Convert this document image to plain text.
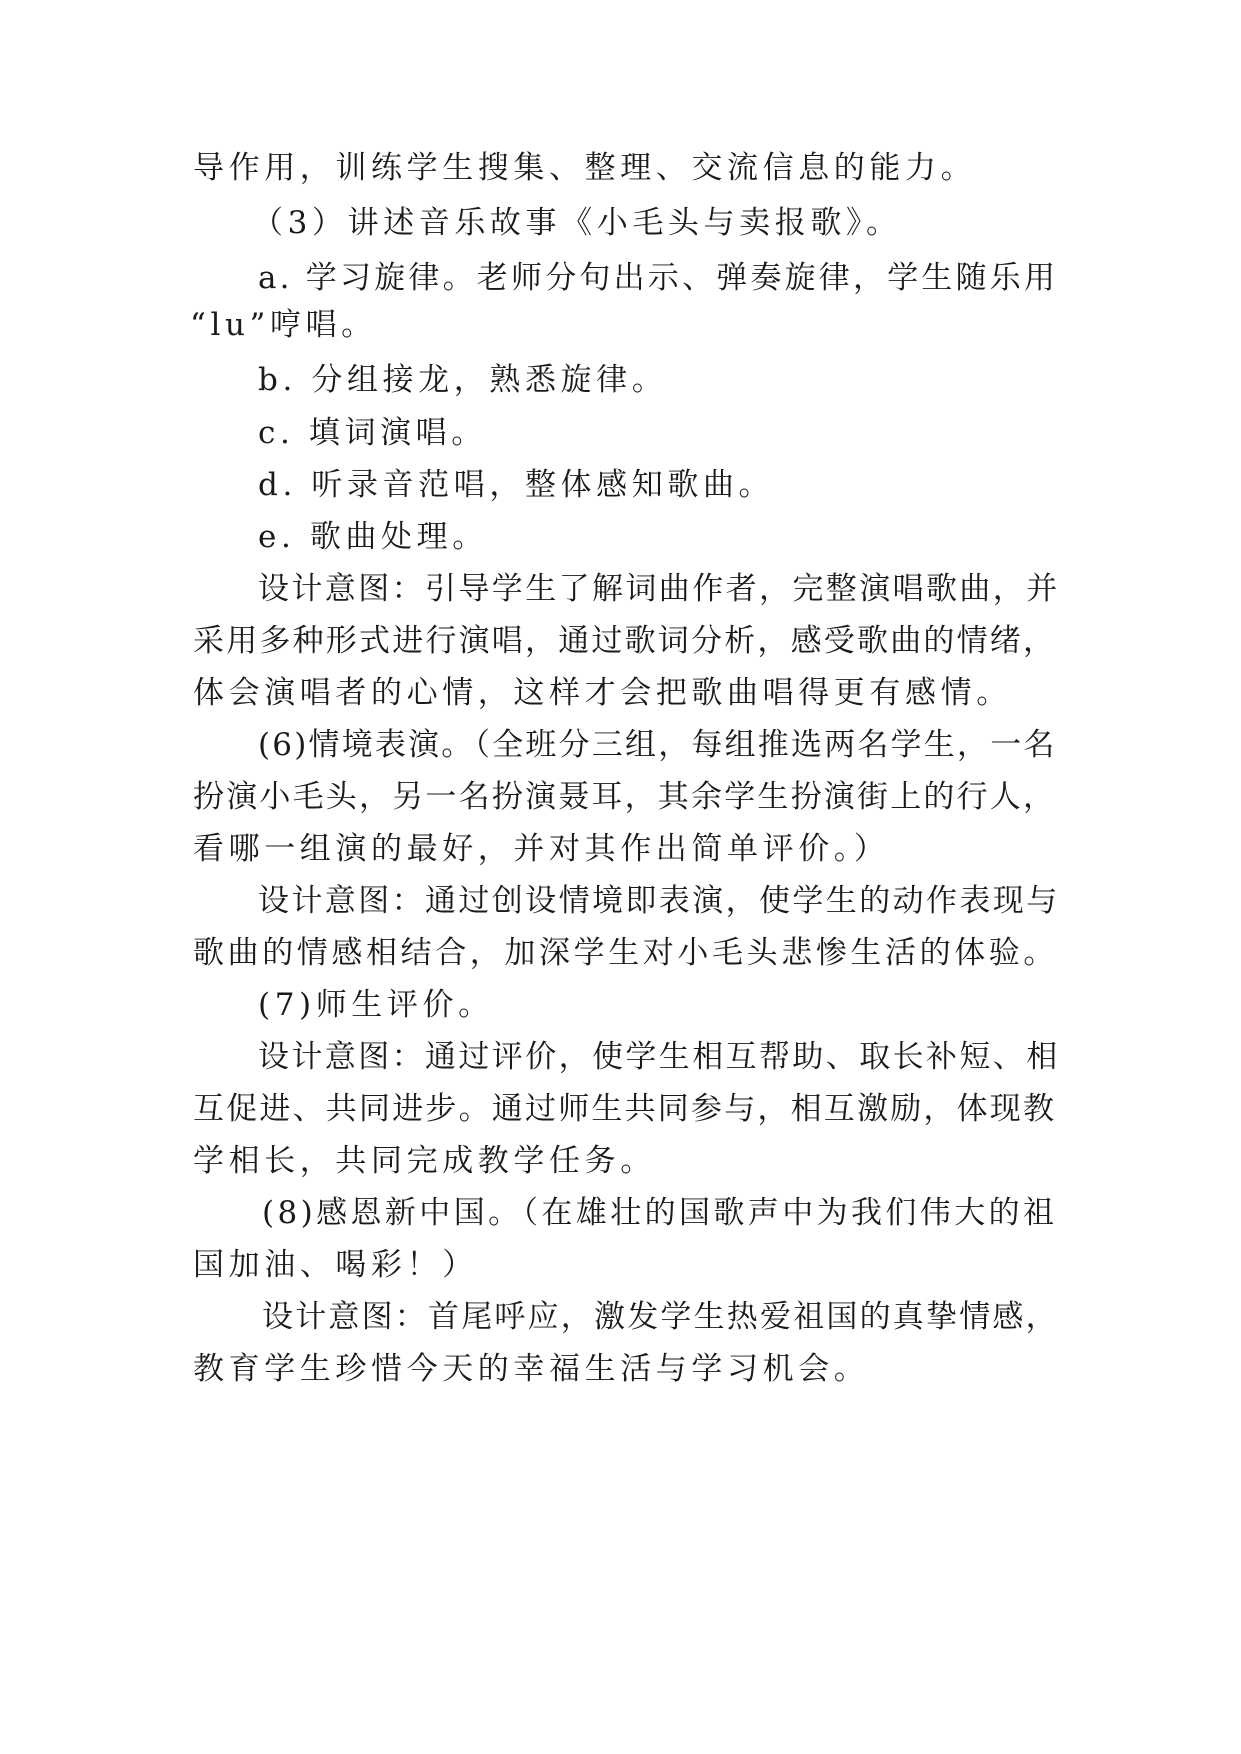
导作用，训练学生搜集、整理、交流信息的能力。
（3）讲述音乐故事《小毛头与卖报歌》。
a. 学习旋律。老师分句出示、弹奏旋律，学生随乐用
“lu”哼唱。
b. 分组接龙，熟悉旋律。
c. 填词演唱。
d. 听录音范唱，整体感知歌曲。
e. 歌曲处理。
设计意图：引导学生了解词曲作者，完整演唱歌曲，并
采用多种形式进行演唱，通过歌词分析，感受歌曲的情绪，
体会演唱者的心情，这样才会把歌曲唱得更有感情。
(6)情境表演。（全班分三组，每组推选两名学生，一名
扮演小毛头，另一名扮演聂耳，其余学生扮演街上的行人，
看哪一组演的最好，并对其作出简单评价。）
设计意图：通过创设情境即表演，使学生的动作表现与
歌曲的情感相结合，加深学生对小毛头悲惨生活的体验。
(7)师生评价。
设计意图：通过评价，使学生相互帮助、取长补短、相
互促进、共同进步。通过师生共同参与，相互激励，体现教
学相长，共同完成教学任务。
(8)感恩新中国。（在雄壮的国歌声中为我们伟大的祖
国加油、喝彩！）
设计意图：首尾呼应，激发学生热爱祖国的真挚情感，
教育学生珍惜今天的幸福生活与学习机会。
